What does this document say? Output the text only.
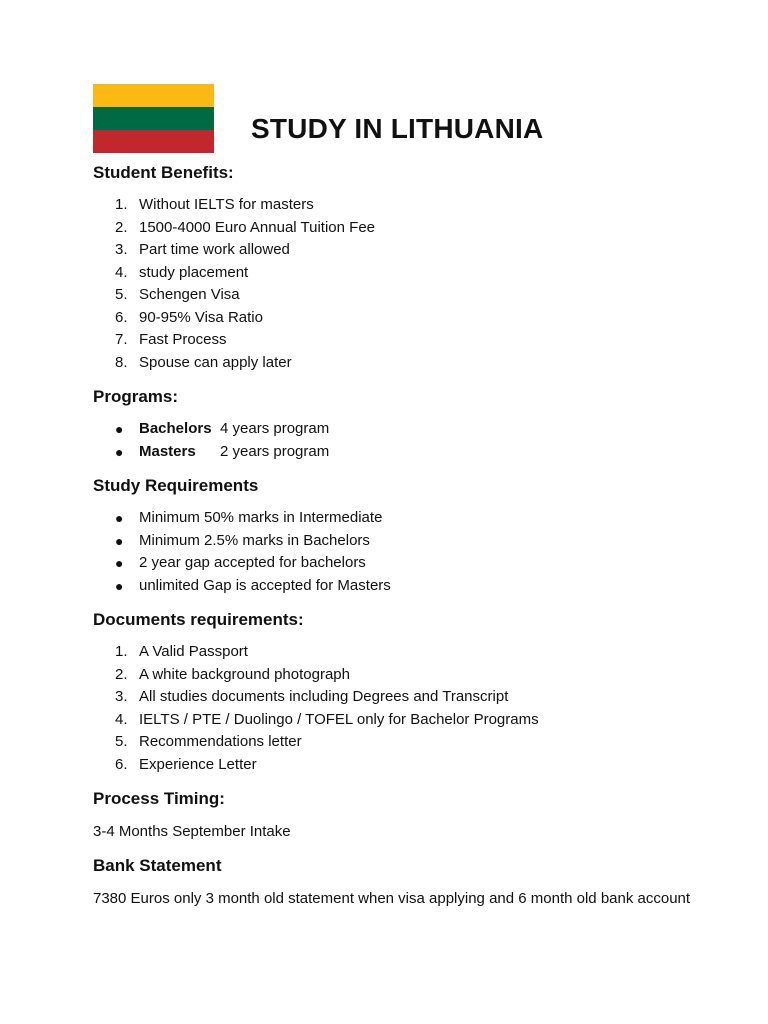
STUDY IN LITHUANIA
Student Benefits:
1. Without IELTS for masters
2. 1500-4000 Euro Annual Tuition Fee
3. Part time work allowed
4. study placement
5. Schengen Visa
6. 90-95% Visa Ratio
7. Fast Process
8. Spouse can apply later
Programs:
● Bachelors 4 years program
● Masters 2 years program
Study Requirements
● Minimum 50% marks in Intermediate
● Minimum 2.5% marks in Bachelors
● 2 year gap accepted for bachelors
● unlimited Gap is accepted for Masters
Documents requirements:
1. A Valid Passport
2. A white background photograph
3. All studies documents including Degrees and Transcript
4. IELTS / PTE / Duolingo / TOFEL only for Bachelor Programs
5. Recommendations letter
6. Experience Letter
Process Timing:

3-4 Months September Intake

Bank Statement

7380 Euros only 3 month old statement when visa applying and 6 month old bank account
